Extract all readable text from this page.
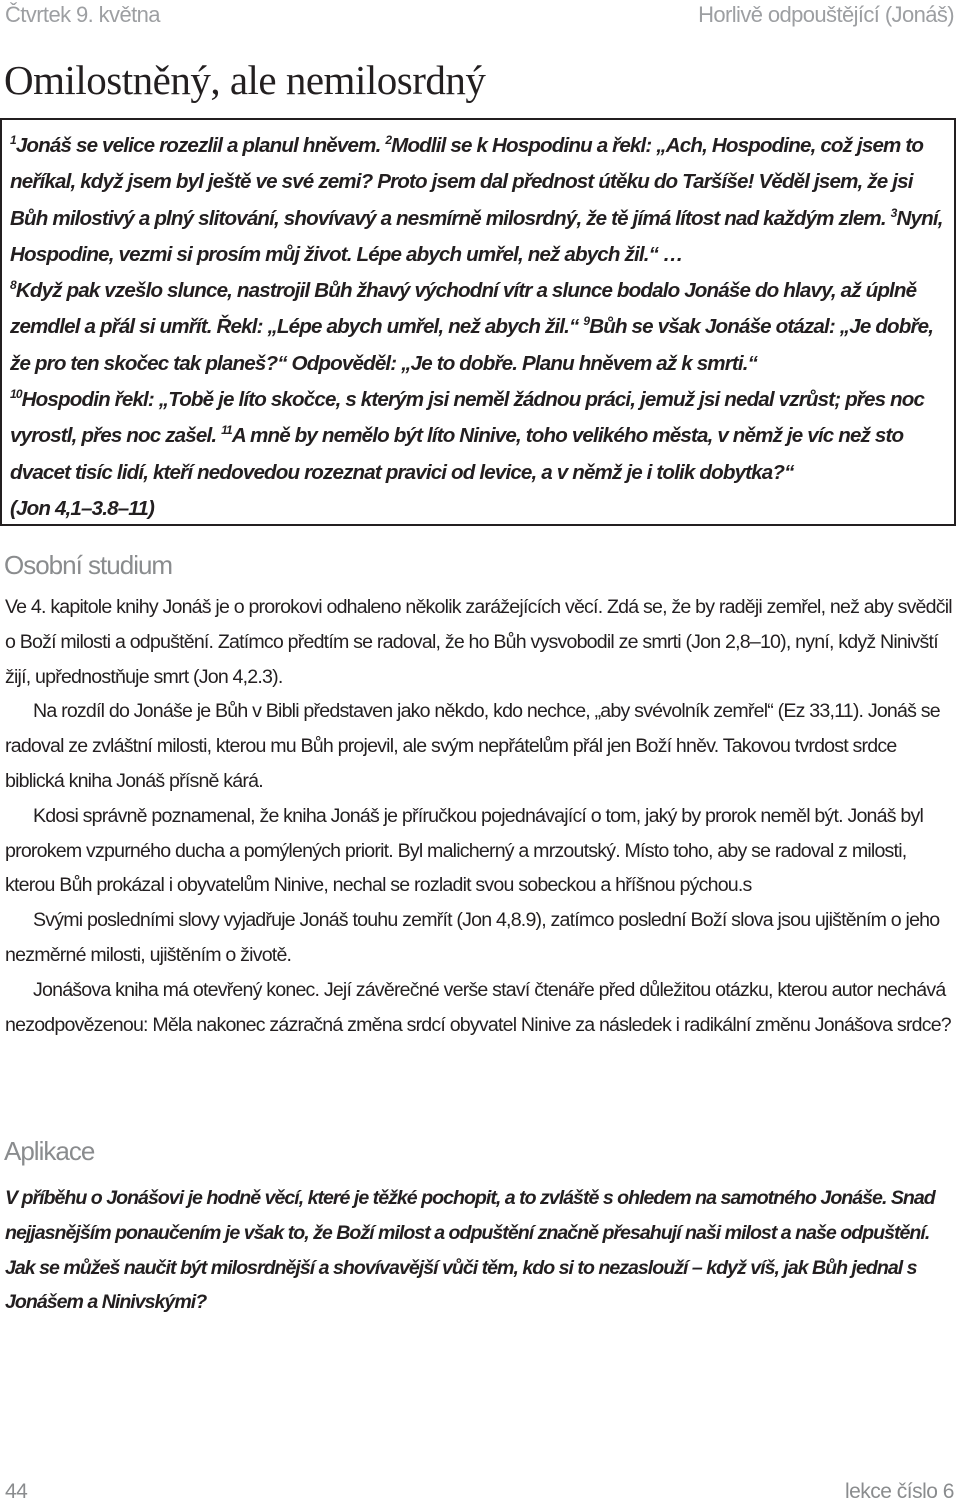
Čtvrtek 9. května	Horlivě odpouštějící (Jonáš)
Omilostněný, ale nemilosrdný

$^1$Jonáš se velice rozezlil a planul hněvem. $^2$Modlil se k Hospodinu a řekl: „Ach, Hospodine, což jsem to neříkal, když jsem byl ještě ve své zemi? Proto jsem dal přednost útěku do Taršíše! Věděl jsem, že jsi Bůh milostivý a plný slitování, shovívavý a nesmírně milosrdný, že tě jímá lítost nad každým zlem. $^3$Nyní, Hospodine, vezmi si prosím můj život. Lépe abych umřel, než abych žil.“ …

$^8$Když pak vzešlo slunce, nastrojil Bůh žhavý východní vítr a slunce bodalo Jonáše do hlavy, až úplně zemdlel a přál si umřít. Řekl: „Lépe abych umřel, než abych žil.“ $^9$Bůh se však Jonáše otázal: „Je dobře, že pro ten skočec tak planeš?“ Odpověděl: „Je to dobře. Planu hněvem až k smrti.“

$^{10}$Hospodin řekl: „Tobě je líto skočce, s kterým jsi neměl žádnou práci, jemuž jsi nedal vzrůst; přes noc vyrostl, přes noc zašel. $^{11}$A mně by nemělo být líto Ninive, toho velikého města, v němž je víc než sto dvacet tisíc lidí, kteří nedovedou rozeznat pravici od levice, a v němž je i tolik dobytka?“

(Jon 4,1–3.8–11)

Osobní studium

Ve 4. kapitole knihy Jonáš je o prorokovi odhaleno několik zarážejících věcí. Zdá se, že by raději zemřel, než aby svědčil o Boží milosti a odpuštění. Zatímco předtím se radoval, že ho Bůh vysvobodil ze smrti (Jon 2,8–10), nyní, když Ninivští žijí, upřednostňuje smrt (Jon 4,2.3).

Na rozdíl do Jonáše je Bůh v Bibli představen jako někdo, kdo nechce, „aby svévolník zemřel“ (Ez 33,11). Jonáš se radoval ze zvláštní milosti, kterou mu Bůh projevil, ale svým nepřátelům přál jen Boží hněv. Takovou tvrdost srdce biblická kniha Jonáš přísně kárá.

Kdosi správně poznamenal, že kniha Jonáš je příručkou pojednávající o tom, jaký by prorok neměl být. Jonáš byl prorokem vzpurného ducha a pomýlených priorit. Byl malicherný a mrzoutský. Místo toho, aby se radoval z milosti, kterou Bůh prokázal i obyvatelům Ninive, nechal se rozladit svou sobeckou a hříšnou pýchou.s

Svými posledními slovy vyjadřuje Jonáš touhu zemřít (Jon 4,8.9), zatímco poslední Boží slova jsou ujištěním o jeho nezměrné milosti, ujištěním o životě.

Jonášova kniha má otevřený konec. Její závěrečné verše staví čtenáře před důležitou otázku, kterou autor nechává nezodpovězenou: Měla nakonec zázračná změna srdcí obyvatel Ninive za následek i radikální změnu Jonášova srdce?

Aplikace

V příběhu o Jonášovi je hodně věcí, které je těžké pochopit, a to zvláště s ohledem na samotného Jonáše. Snad nejjasnějším ponaučením je však to, že Boží milost a odpuštění značně přesahují naši milost a naše odpuštění. Jak se můžeš naučit být milosrdnější a shovívavější vůči těm, kdo si to nezaslouží – když víš, jak Bůh jednal s Jonášem a Ninivskými?

44	lekce číslo 6
